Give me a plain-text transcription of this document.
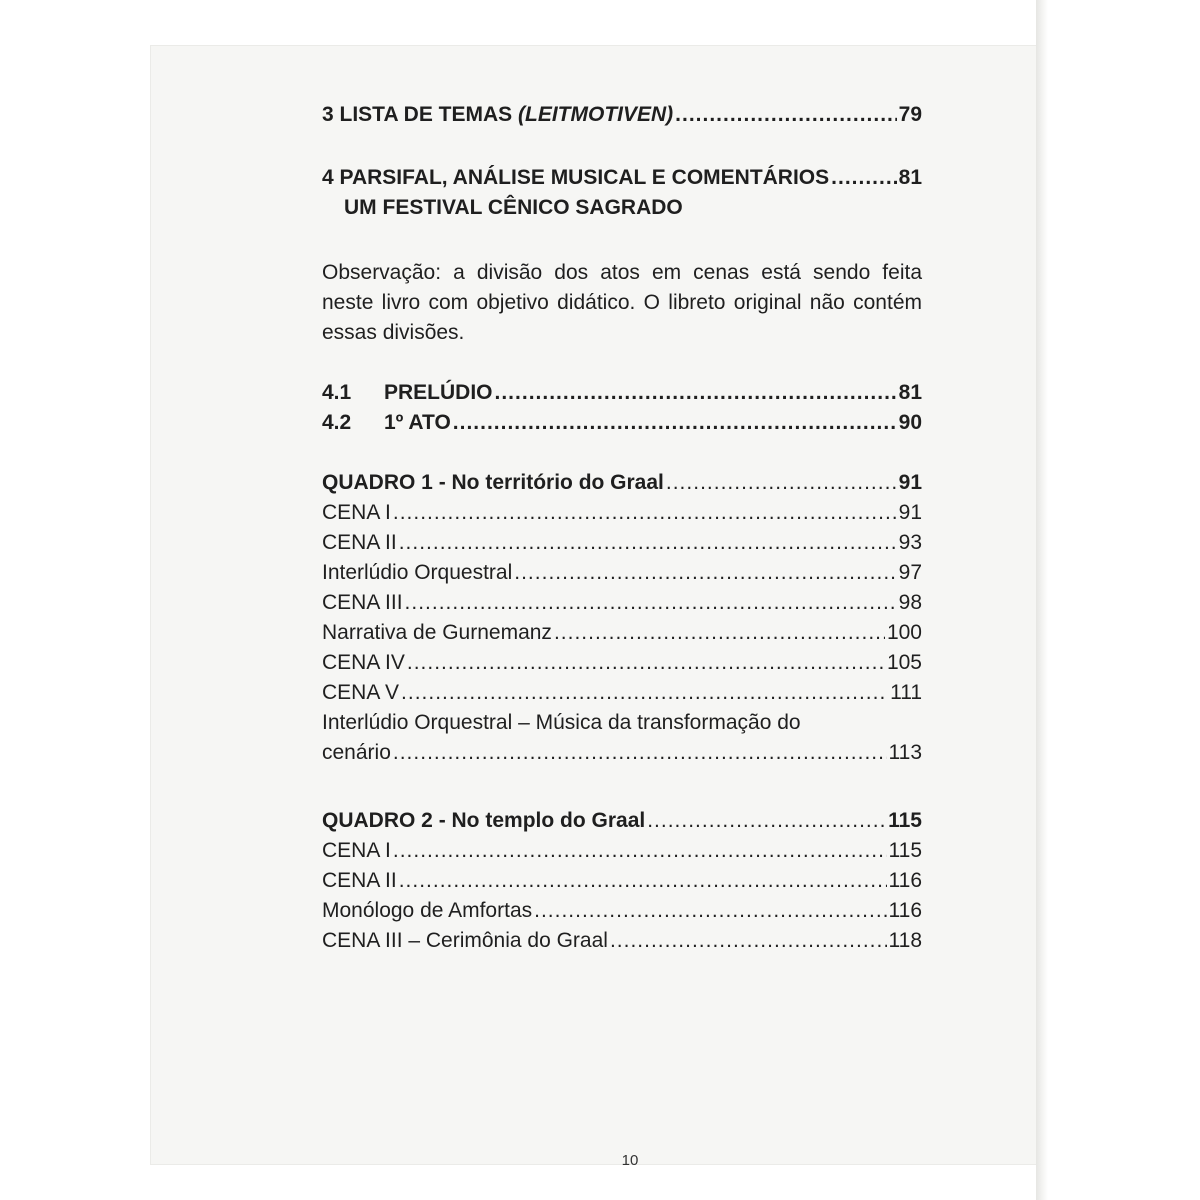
3 LISTA DE TEMAS (LEITMOTIVEN) .....	79
4 PARSIFAL, ANÁLISE MUSICAL E COMENTÁRIOS .....	81
UM FESTIVAL CÊNICO SAGRADO
Observação: a divisão dos atos em cenas está sendo feita neste livro com objetivo didático. O libreto original não contém essas divisões.
4.1	PRELÚDIO .....	81
4.2	1º ATO .....	90
QUADRO 1 - No território do Graal .....	91
CENA I .....	91
CENA II .....	93
Interlúdio Orquestral .....	97
CENA III .....	98
Narrativa de Gurnemanz .....	100
CENA IV .....	105
CENA V .....	111
Interlúdio Orquestral – Música da transformação do
cenário .....	113
QUADRO 2 - No templo do Graal .....	115
CENA I .....	115
CENA II .....	116
Monólogo de Amfortas .....	116
CENA III – Cerimônia do Graal .....	118
10
